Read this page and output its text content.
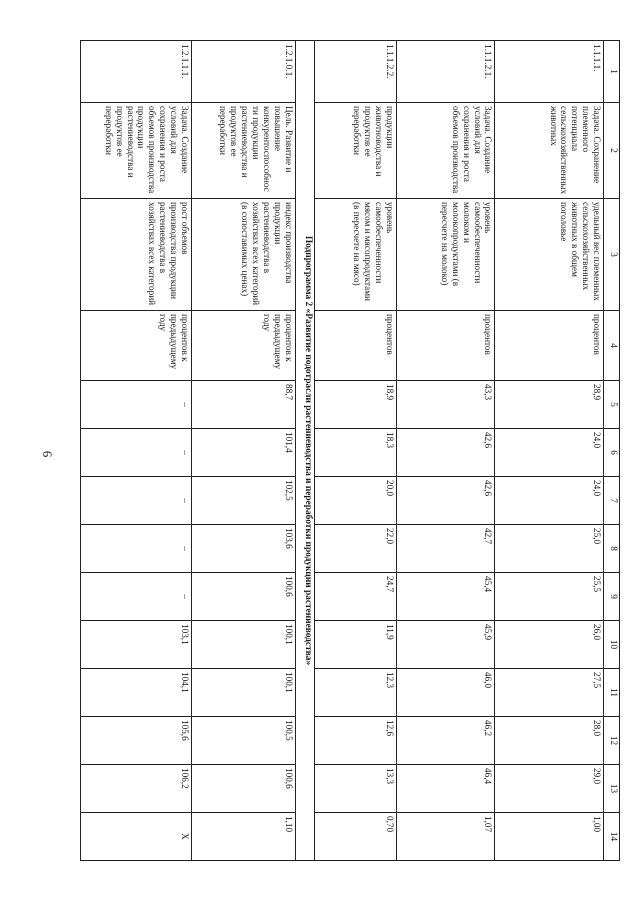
6
1	2	3	4	5	6	7	8	9	10	11	12	13	14
1.1.1.1.	Задача. Сохранение племенного потенциала сельскохозяйственных животных	удельный вес племенных сельскохозяйственных животных в общем поголовье	процентов	28,9	24,0	24,0	25,0	25,5	26,0	27,5	28,0	29,0	1,00
1.1.1.2.1.	Задача. Создание условий для сохранения и роста объемов производства	уровень самообеспеченности молоком и молокопродуктами (в пересчете на молоко)	процентов	43,3	42,6	42,6	42,7	45,4	45,9	46,0	46,2	46,4	1,07
1.1.1.2.2.	продукции животноводства и продуктов ее переработки	уровень самообеспеченности мясом и мясопродуктами (в пересчете на мясо)	процентов	18,9	18,3	20,0	22,0	24,7	11,9	12,3	12,6	13,3	0,70
Подпрограмма 2 «Развитие подотрасли растениеводства и переработки продукции растениеводства»													
1.2.1.0.1.	Цель. Развитие и повышение конкурентоспособности продукции растениеводства и продуктов ее переработки	индекс производства продукции растениеводства в хозяйствах всех категорий (в сопоставимых ценах)	процентов к предыдущему году	88,7	101,4	102,5	103,6	100,6	100,1	100,1	100,5	100,6	1,10
1.2.1.1.1.	Задача. Создание условий для сохранения и роста объемов производства продукции растениеводства и продуктов ее переработки	рост объемов производства продукции растениеводства в хозяйствах всех категорий	процентов к предыдущему году	–	–	–	–	–	103,1	104,1	105,6	106,2	Х
